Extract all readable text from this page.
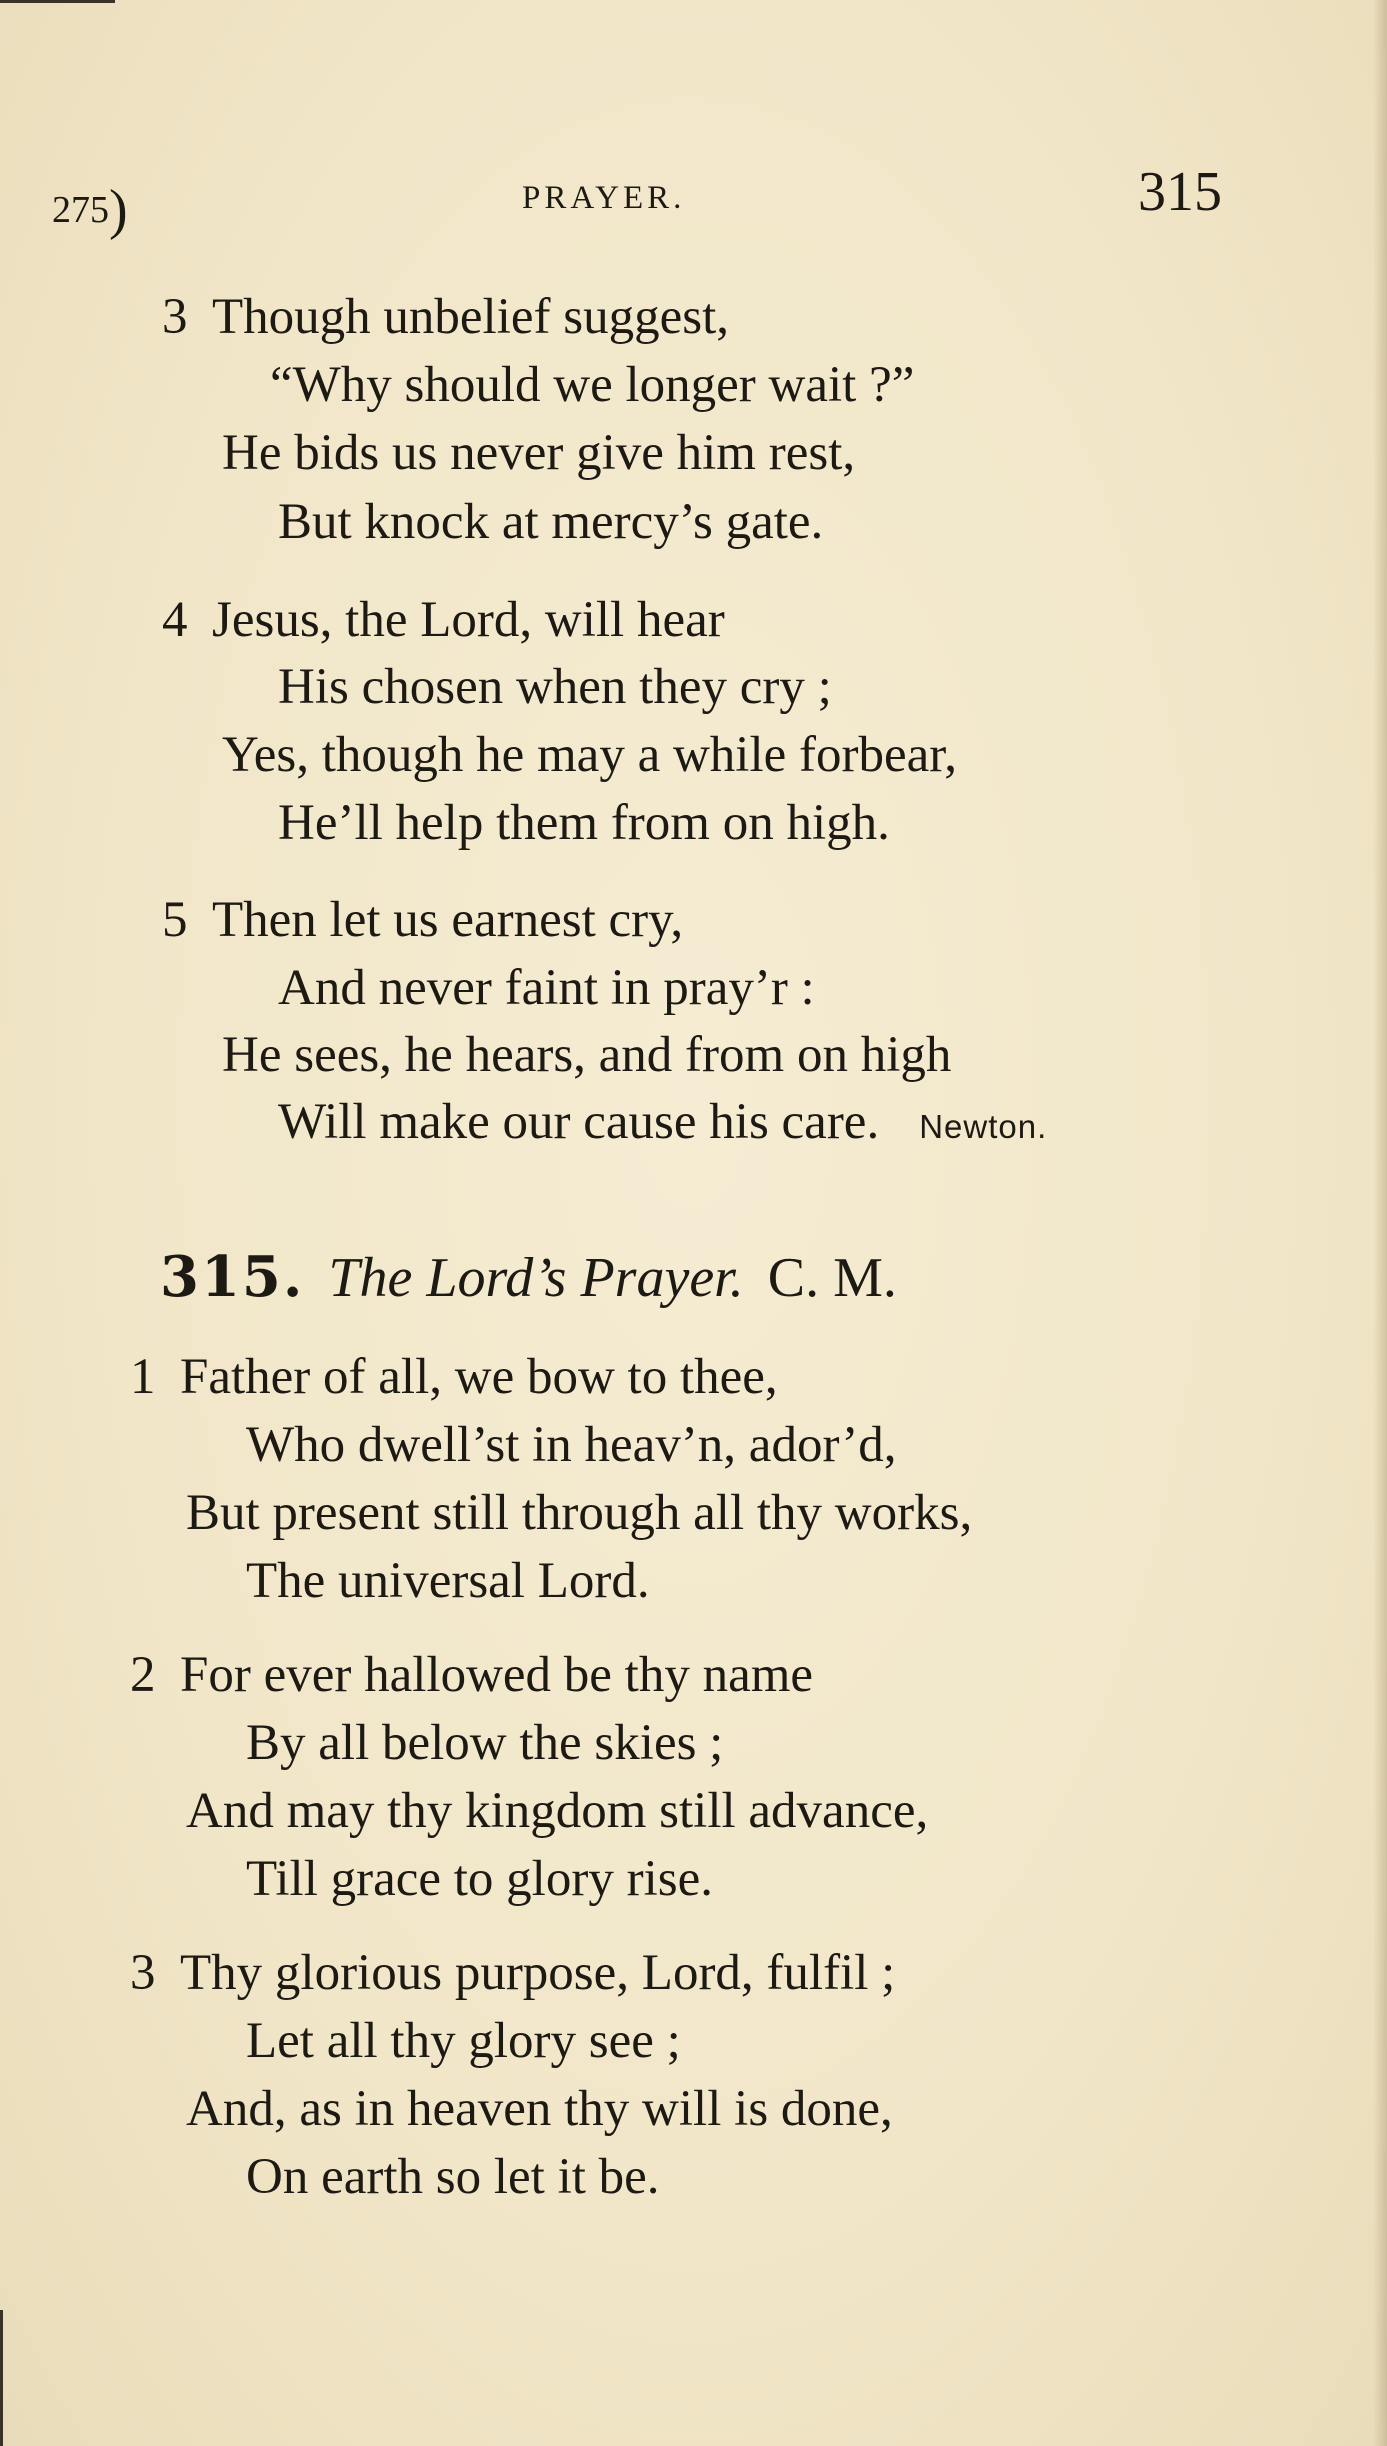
275)	PRAYER.	315
3 Though unbelief suggest,
“Why should we longer wait ?”
He bids us never give him rest,
But knock at mercy’s gate.
4 Jesus, the Lord, will hear
His chosen when they cry ;
Yes, though he may a while forbear,
He’ll help them from on high.
5 Then let us earnest cry,
And never faint in pray’r :
He sees, he hears, and from on high
Will make our cause his care. Newton.
315. The Lord’s Prayer. C. M.
1 Father of all, we bow to thee,
Who dwell’st in heav’n, ador’d,
But present still through all thy works,
The universal Lord.
2 For ever hallowed be thy name
By all below the skies ;
And may thy kingdom still advance,
Till grace to glory rise.
3 Thy glorious purpose, Lord, fulfil ;
Let all thy glory see ;
And, as in heaven thy will is done,
On earth so let it be.
